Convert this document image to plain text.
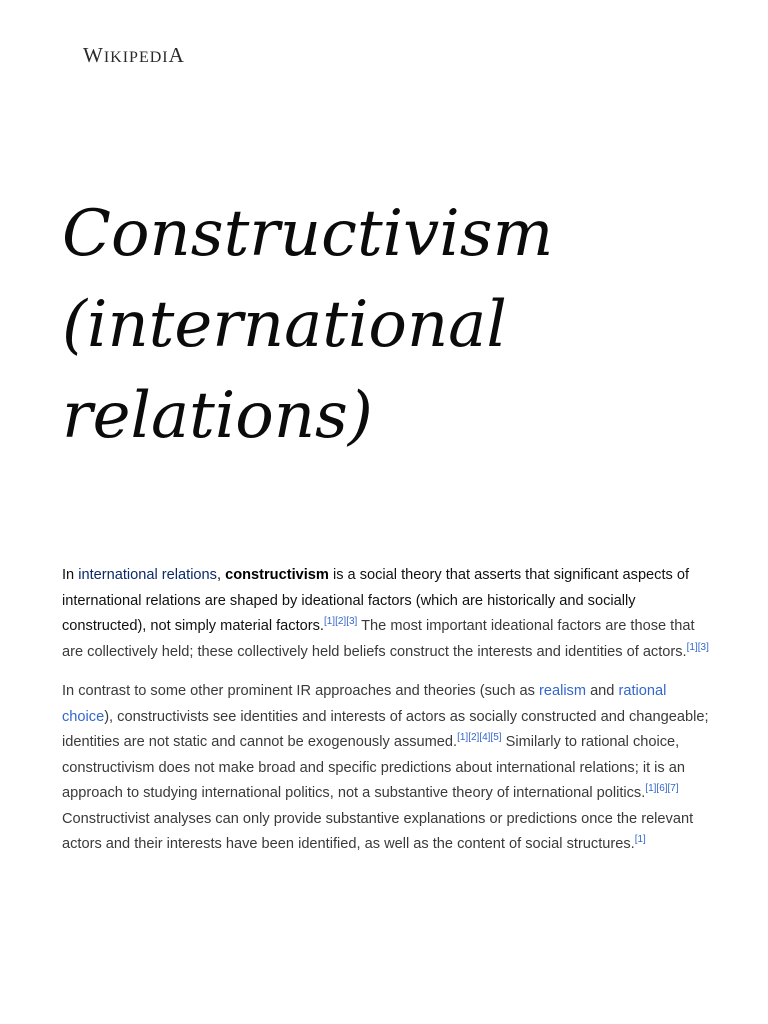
WIKIPEDIA
Constructivism (international relations)

In international relations, constructivism is a social theory that asserts that significant aspects of international relations are shaped by ideational factors (which are historically and socially constructed), not simply material factors.[1][2][3] The most important ideational factors are those that are collectively held; these collectively held beliefs construct the interests and identities of actors.[1][3]

In contrast to some other prominent IR approaches and theories (such as realism and rational choice), constructivists see identities and interests of actors as socially constructed and changeable; identities are not static and cannot be exogenously assumed.[1][2][4][5] Similarly to rational choice, constructivism does not make broad and specific predictions about international relations; it is an approach to studying international politics, not a substantive theory of international politics.[1][6][7] Constructivist analyses can only provide substantive explanations or predictions once the relevant actors and their interests have been identified, as well as the content of social structures.[1]
